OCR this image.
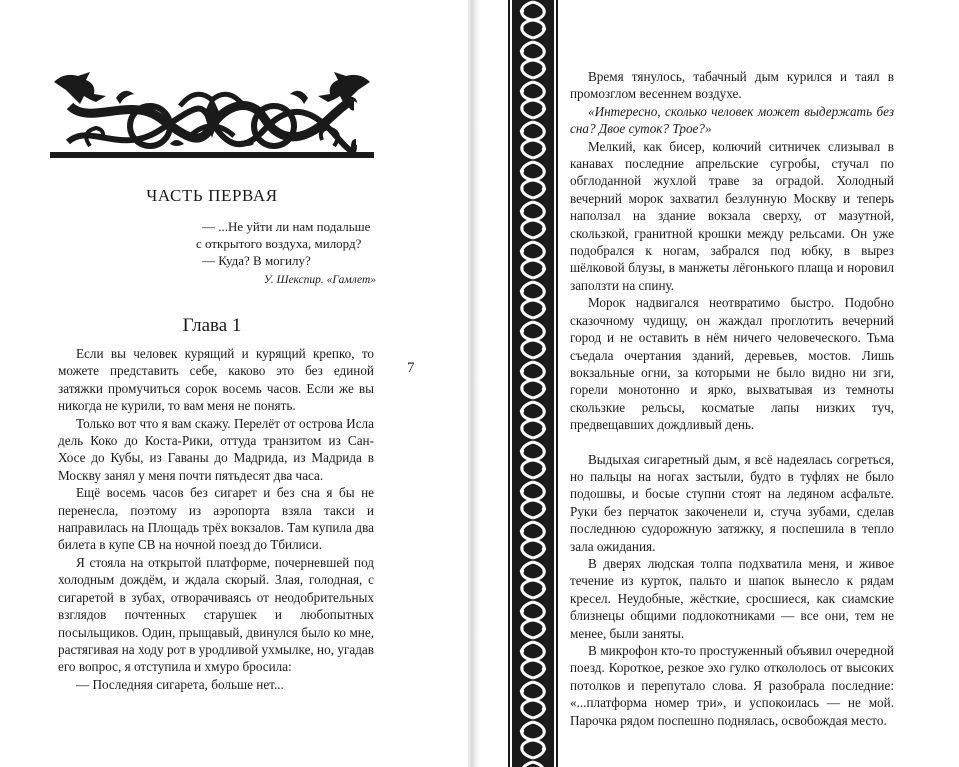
ЧАСТЬ ПЕРВАЯ

— ...Не уйти ли нам подальше

с открытого воздуха, милорд?

— Куда? В могилу?

У. Шекспир. «Гамлет»

Глава 1

Если вы человек курящий и курящий крепко, то можете представить себе, каково это без единой затяжки промучиться сорок восемь часов. Если же вы никогда не курили, то вам меня не понять.

Только вот что я вам скажу. Перелёт от острова Исла дель Коко до Коста-Рики, оттуда транзитом из Сан-Хосе до Кубы, из Гаваны до Мадрида, из Мадрида в Москву занял у меня почти пятьдесят два часа.

Ещё восемь часов без сигарет и без сна я бы не перенесла, поэтому из аэропорта взяла такси и направилась на Площадь трёх вокзалов. Там купила два билета в купе СВ на ночной поезд до Тбилиси.

Я стояла на открытой платформе, почерневшей под холодным дождём, и ждала скорый. Злая, голодная, с сигаретой в зубах, отворачиваясь от неодобрительных взглядов почтенных старушек и любопытных посыльщиков. Один, прыщавый, двинулся было ко мне, растягивая на ходу рот в уродливой ухмылке, но, угадав его вопрос, я отступила и хмуро бросила:

— Последняя сигарета, больше нет...

7

Время тянулось, табачный дым курился и таял в промозглом весеннем воздухе.

«Интересно, сколько человек может выдержать без сна? Двое суток? Трое?»

Мелкий, как бисер, колючий ситничек слизывал в канавах последние апрельские сугробы, стучал по обглоданной жухлой траве за оградой. Холодный вечерний морок захватил безлунную Москву и теперь наползал на здание вокзала сверху, от мазутной, скользкой, гранитной крошки между рельсами. Он уже подобрался к ногам, забрался под юбку, в вырез шёлковой блузы, в манжеты лёгонького плаща и норовил заползти на спину.

Морок надвигался неотвратимо быстро. Подобно сказочному чудищу, он жаждал проглотить вечерний город и не оставить в нём ничего человеческого. Тьма съедала очертания зданий, деревьев, мостов. Лишь вокзальные огни, за которыми не было видно ни зги, горели монотонно и ярко, выхватывая из темноты скользкие рельсы, косматые лапы низких туч, предвещавших дождливый день.

Выдыхая сигаретный дым, я всё надеялась согреться, но пальцы на ногах застыли, будто в туфлях не было подошвы, и босые ступни стоят на ледяном асфальте. Руки без перчаток закоченели и, стуча зубами, сделав последнюю судорожную затяжку, я поспешила в тепло зала ожидания.

В дверях людская толпа подхватила меня, и живое течение из курток, пальто и шапок вынесло к рядам кресел. Неудобные, жёсткие, сросшиеся, как сиамские близнецы общими подлокотниками — все они, тем не менее, были заняты.

В микрофон кто-то простуженный объявил очередной поезд. Короткое, резкое эхо гулко откололось от высоких потолков и перепутало слова. Я разобрала последние: «...платформа номер три», и успокоилась — не мой. Парочка рядом поспешно поднялась, освобождая место.
